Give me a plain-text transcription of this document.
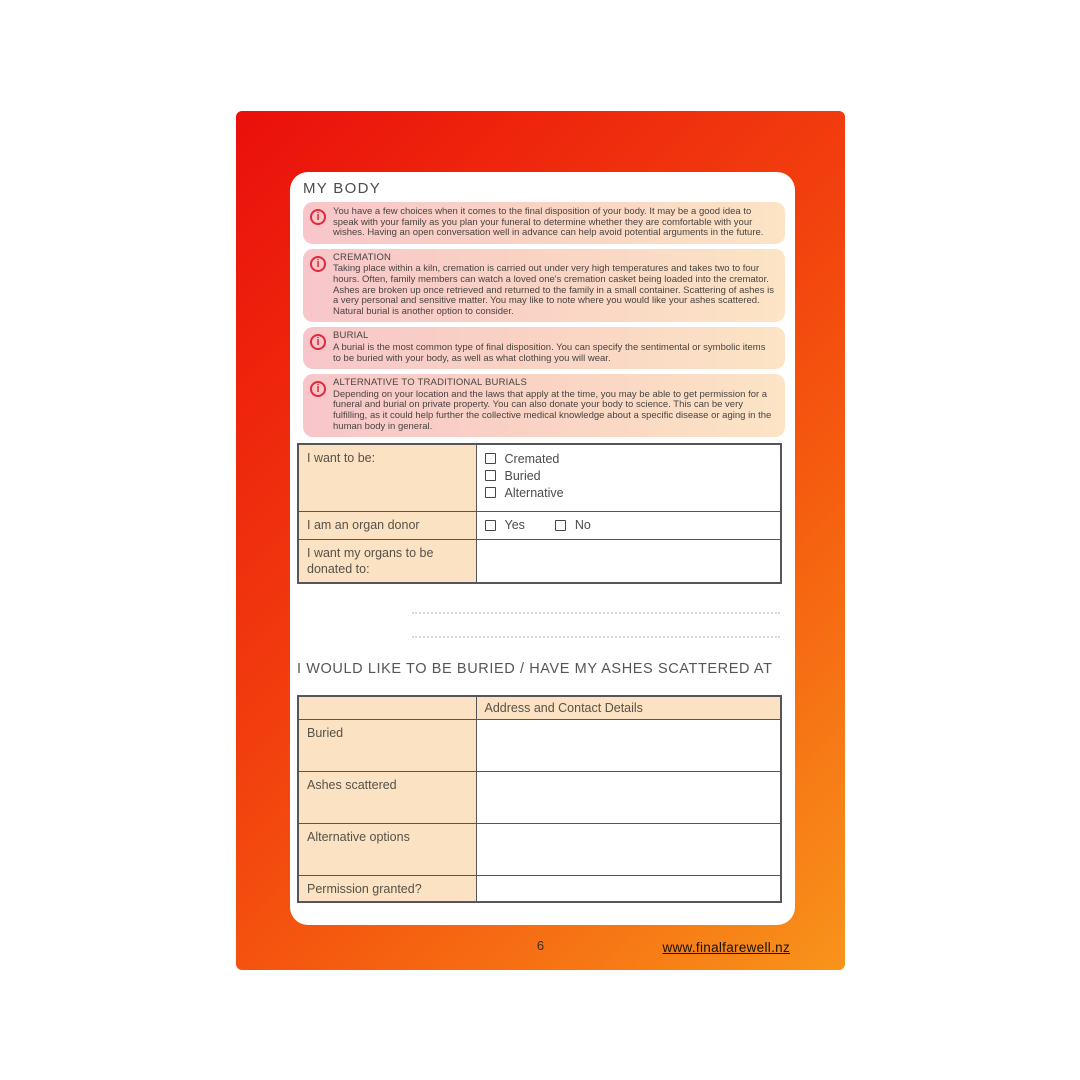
MY BODY
i	You have a few choices when it comes to the final disposition of your body. It may be a good idea to speak with your family as you plan your funeral to determine whether they are comfortable with your wishes. Having an open conversation well in advance can help avoid potential arguments in the future.
i
CREMATION
Taking place within a kiln, cremation is carried out under very high temperatures and takes two to four hours. Often, family members can watch a loved one's cremation casket being loaded into the cremator. Ashes are broken up once retrieved and returned to the family in a small container. Scattering of ashes is a very personal and sensitive matter. You may like to note where you would like your ashes scattered. Natural burial is another option to consider.
i
BURIAL
A burial is the most common type of final disposition. You can specify the sentimental or symbolic items to be buried with your body, as well as what clothing you will wear.
i
ALTERNATIVE TO TRADITIONAL BURIALS
Depending on your location and the laws that apply at the time, you may be able to get permission for a funeral and burial on private property. You can also donate your body to science. This can be very fulfilling, as it could help further the collective medical knowledge about a specific disease or aging in the human body in general.
I want to be:	Cremated
Buried
Alternative

I am an organ donor	Yes No

I want my organs to be donated to:	
I WOULD LIKE TO BE BURIED / HAVE MY ASHES SCATTERED AT
	Address and Contact Details
Buried	
Ashes scattered	
Alternative options	
Permission granted?	
6	www.finalfarewell.nz
